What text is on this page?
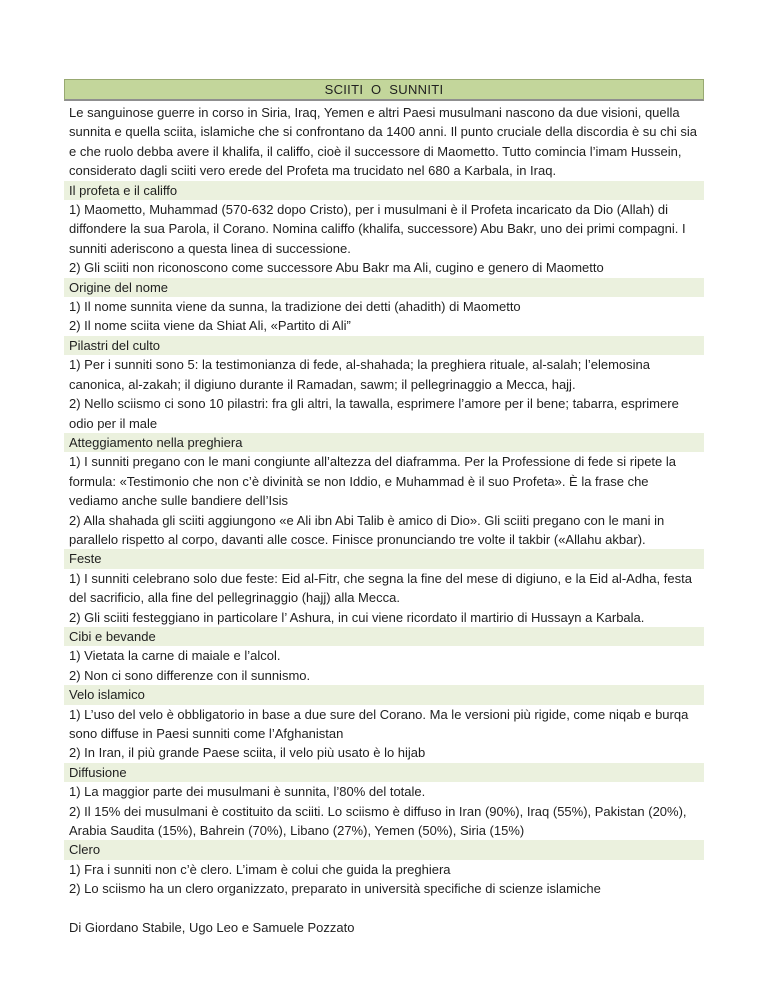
SCIITI  O  SUNNITI

Le sanguinose guerre in corso in Siria, Iraq, Yemen e altri Paesi musulmani nascono da due visioni, quella sunnita e quella sciita, islamiche che si confrontano da 1400 anni. Il punto cruciale della discordia è su chi sia e che ruolo debba avere il khalifa, il califfo, cioè il successore di Maometto. Tutto comincia l’imam Hussein, considerato dagli sciiti vero erede del Profeta ma trucidato nel 680 a Karbala, in Iraq.

Il profeta e il califfo

1) Maometto, Muhammad (570-632 dopo Cristo), per i musulmani è il Profeta incaricato da Dio (Allah) di diffondere la sua Parola, il Corano. Nomina califfo (khalifa, successore) Abu Bakr, uno dei primi compagni. I sunniti aderiscono a questa linea di successione.

2) Gli sciiti non riconoscono come successore Abu Bakr ma Ali, cugino e genero di Maometto

Origine del nome

1) Il nome sunnita viene da sunna, la tradizione dei detti (ahadith) di Maometto

2) Il nome sciita viene da Shiat Ali, «Partito di Ali”

Pilastri del culto

1) Per i sunniti sono 5: la testimonianza di fede, al-shahada; la preghiera rituale, al-salah; l’elemosina canonica, al-zakah; il digiuno durante il Ramadan, sawm; il pellegrinaggio a Mecca, hajj.

2) Nello sciismo ci sono 10 pilastri: fra gli altri, la tawalla, esprimere l’amore per il bene; tabarra, esprimere odio per il male

Atteggiamento nella preghiera

1) I sunniti pregano con le mani congiunte all’altezza del diaframma. Per la Professione di fede si ripete la formula: «Testimonio che non c’è divinità se non Iddio, e Muhammad è il suo Profeta». È la frase che vediamo anche sulle bandiere dell’Isis

2) Alla shahada gli sciiti aggiungono «e Ali ibn Abi Talib è amico di Dio». Gli sciiti pregano con le mani in parallelo rispetto al corpo, davanti alle cosce. Finisce pronunciando tre volte il takbir («Allahu akbar).

Feste

1) I sunniti celebrano solo due feste: Eid al-Fitr, che segna la fine del mese di digiuno, e la Eid al-Adha, festa del sacrificio, alla fine del pellegrinaggio (hajj) alla Mecca.

2) Gli sciiti festeggiano in particolare l’ Ashura, in cui viene ricordato il martirio di Hussayn a Karbala.

Cibi e bevande

1) Vietata la carne di maiale e l’alcol.

2) Non ci sono differenze con il sunnismo.

Velo islamico

1) L’uso del velo è obbligatorio in base a due sure del Corano. Ma le versioni più rigide, come niqab e burqa sono diffuse in Paesi sunniti come l’Afghanistan

2) In Iran, il più grande Paese sciita, il velo più usato è lo hijab

Diffusione

1) La maggior parte dei musulmani è sunnita, l’80% del totale.

2) Il 15% dei musulmani è costituito da sciiti. Lo sciismo è diffuso in Iran (90%), Iraq (55%), Pakistan (20%), Arabia Saudita (15%), Bahrein (70%), Libano (27%), Yemen (50%), Siria (15%)

Clero

1) Fra i sunniti non c’è clero. L’imam è colui che guida la preghiera

2) Lo sciismo ha un clero organizzato, preparato in università specifiche di scienze islamiche

Di Giordano Stabile, Ugo Leo e Samuele Pozzato
